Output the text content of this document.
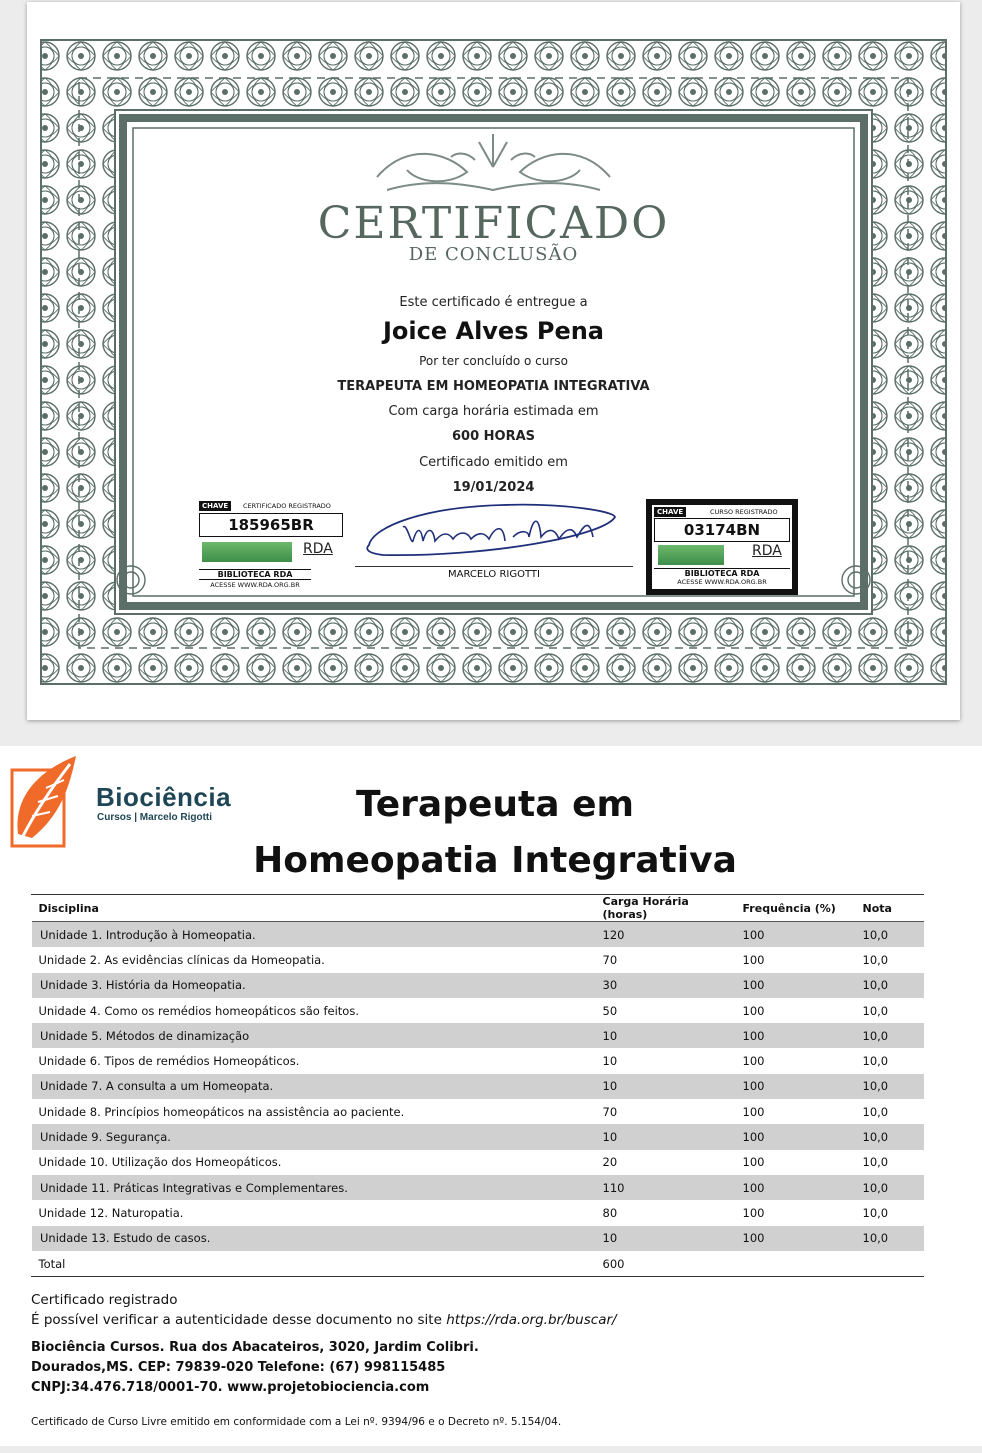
CERTIFICADO
DE CONCLUSÃO
Este certificado é entregue a
Joice Alves Pena
Por ter concluído o curso
TERAPEUTA EM HOMEOPATIA INTEGRATIVA
Com carga horária estimada em
600 HORAS
Certificado emitido em
19/01/2024
MARCELO RIGOTTI
CHAVE	CERTIFICADO REGISTRADO
185965BR
RDA
BIBLIOTECA RDA
ACESSE WWW.RDA.ORG.BR
CHAVE	CURSO REGISTRADO
03174BN
RDA
BIBLIOTECA RDA
ACESSE WWW.RDA.ORG.BR
Biociência
Cursos | Marcelo Rigotti	Terapeuta em
Homeopatia Integrativa
Disciplina	Carga Horária (horas)	Frequência (%)	Nota
Unidade 1. Introdução à Homeopatia.	120	100	10,0
Unidade 2. As evidências clínicas da Homeopatia.	70	100	10,0
Unidade 3. História da Homeopatia.	30	100	10,0
Unidade 4. Como os remédios homeopáticos são feitos.	50	100	10,0
Unidade 5. Métodos de dinamização	10	100	10,0
Unidade 6. Tipos de remédios Homeopáticos.	10	100	10,0
Unidade 7. A consulta a um Homeopata.	10	100	10,0
Unidade 8. Princípios homeopáticos na assistência ao paciente.	70	100	10,0
Unidade 9. Segurança.	10	100	10,0
Unidade 10. Utilização dos Homeopáticos.	20	100	10,0
Unidade 11. Práticas Integrativas e Complementares.	110	100	10,0
Unidade 12. Naturopatia.	80	100	10,0
Unidade 13. Estudo de casos.	10	100	10,0
Total	600		
Certificado registrado
É possível verificar a autenticidade desse documento no site https://rda.org.br/buscar/
Biociência Cursos. Rua dos Abacateiros, 3020, Jardim Colibri.
Dourados,MS. CEP: 79839-020 Telefone: (67) 998115485
CNPJ:34.476.718/0001-70. www.projetobiociencia.com
Certificado de Curso Livre emitido em conformidade com a Lei nº. 9394/96 e o Decreto nº. 5.154/04.
